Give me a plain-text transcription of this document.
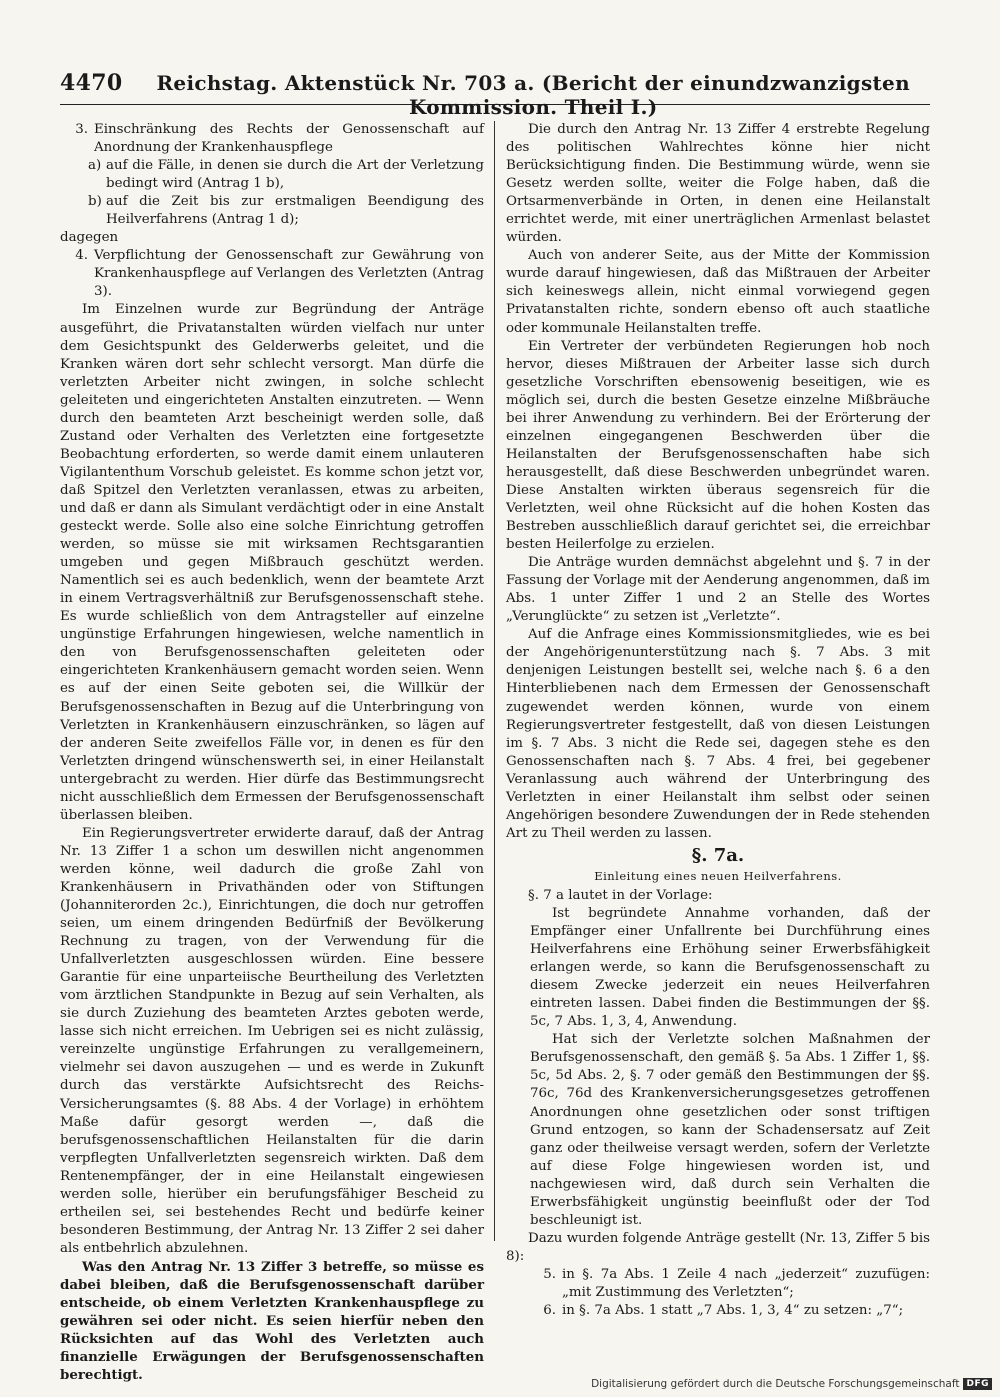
4470	Reichstag. Aktenstück Nr. 703 a. (Bericht der einundzwanzigsten Kommission. Theil I.)
3. Einschränkung des Rechts der Genossenschaft auf Anordnung der Krankenhauspflege
a) auf die Fälle, in denen sie durch die Art der Verletzung bedingt wird (Antrag 1 b),
b) auf die Zeit bis zur erstmaligen Beendigung des Heilverfahrens (Antrag 1 d);

dagegen

4. Verpflichtung der Genossenschaft zur Gewährung von Krankenhauspflege auf Verlangen des Verletzten (Antrag 3).

Im Einzelnen wurde zur Begründung der Anträge ausgeführt, die Privatanstalten würden vielfach nur unter dem Gesichtspunkt des Gelderwerbs geleitet, und die Kranken wären dort sehr schlecht versorgt. Man dürfe die verletzten Arbeiter nicht zwingen, in solche schlecht geleiteten und eingerichteten Anstalten einzutreten. — Wenn durch den beamteten Arzt bescheinigt werden solle, daß Zustand oder Verhalten des Verletzten eine fortgesetzte Beobachtung erforderten, so werde damit einem unlauteren Vigilantenthum Vorschub geleistet. Es komme schon jetzt vor, daß Spitzel den Verletzten veranlassen, etwas zu arbeiten, und daß er dann als Simulant verdächtigt oder in eine Anstalt gesteckt werde. Solle also eine solche Einrichtung getroffen werden, so müsse sie mit wirksamen Rechtsgarantien umgeben und gegen Mißbrauch geschützt werden. Namentlich sei es auch bedenklich, wenn der beamtete Arzt in einem Vertragsverhältniß zur Berufsgenossenschaft stehe. Es wurde schließlich von dem Antragsteller auf einzelne ungünstige Erfahrungen hingewiesen, welche namentlich in den von Berufsgenossenschaften geleiteten oder eingerichteten Krankenhäusern gemacht worden seien. Wenn es auf der einen Seite geboten sei, die Willkür der Berufsgenossenschaften in Bezug auf die Unterbringung von Verletzten in Krankenhäusern einzuschränken, so lägen auf der anderen Seite zweifellos Fälle vor, in denen es für den Verletzten dringend wünschenswerth sei, in einer Heilanstalt untergebracht zu werden. Hier dürfe das Bestimmungsrecht nicht ausschließlich dem Ermessen der Berufsgenossenschaft überlassen bleiben.

Ein Regierungsvertreter erwiderte darauf, daß der Antrag Nr. 13 Ziffer 1 a schon um deswillen nicht angenommen werden könne, weil dadurch die große Zahl von Krankenhäusern in Privathänden oder von Stiftungen (Johanniterorden 2c.), Einrichtungen, die doch nur getroffen seien, um einem dringenden Bedürfniß der Bevölkerung Rechnung zu tragen, von der Verwendung für die Unfallverletzten ausgeschlossen würden. Eine bessere Garantie für eine unparteiische Beurtheilung des Verletzten vom ärztlichen Standpunkte in Bezug auf sein Verhalten, als sie durch Zuziehung des beamteten Arztes geboten werde, lasse sich nicht erreichen. Im Uebrigen sei es nicht zulässig, vereinzelte ungünstige Erfahrungen zu verallgemeinern, vielmehr sei davon auszugehen — und es werde in Zukunft durch das verstärkte Aufsichtsrecht des Reichs-Versicherungsamtes (§. 88 Abs. 4 der Vorlage) in erhöhtem Maße dafür gesorgt werden —, daß die berufsgenossenschaftlichen Heilanstalten für die darin verpflegten Unfallverletzten segensreich wirkten. Daß dem Rentenempfänger, der in eine Heilanstalt eingewiesen werden solle, hierüber ein berufungsfähiger Bescheid zu ertheilen sei, sei bestehendes Recht und bedürfe keiner besonderen Bestimmung, der Antrag Nr. 13 Ziffer 2 sei daher als entbehrlich abzulehnen.

Was den Antrag Nr. 13 Ziffer 3 betreffe, so müsse es dabei bleiben, daß die Berufsgenossenschaft darüber entscheide, ob einem Verletzten Krankenhauspflege zu gewähren sei oder nicht. Es seien hierfür neben den Rücksichten auf das Wohl des Verletzten auch finanzielle Erwägungen der Berufsgenossenschaften berechtigt.

Die durch den Antrag Nr. 13 Ziffer 4 erstrebte Regelung des politischen Wahlrechtes könne hier nicht Berücksichtigung finden. Die Bestimmung würde, wenn sie Gesetz werden sollte, weiter die Folge haben, daß die Ortsarmenverbände in Orten, in denen eine Heilanstalt errichtet werde, mit einer unerträglichen Armenlast belastet würden.

Auch von anderer Seite, aus der Mitte der Kommission wurde darauf hingewiesen, daß das Mißtrauen der Arbeiter sich keineswegs allein, nicht einmal vorwiegend gegen Privatanstalten richte, sondern ebenso oft auch staatliche oder kommunale Heilanstalten treffe.

Ein Vertreter der verbündeten Regierungen hob noch hervor, dieses Mißtrauen der Arbeiter lasse sich durch gesetzliche Vorschriften ebensowenig beseitigen, wie es möglich sei, durch die besten Gesetze einzelne Mißbräuche bei ihrer Anwendung zu verhindern. Bei der Erörterung der einzelnen eingegangenen Beschwerden über die Heilanstalten der Berufsgenossenschaften habe sich herausgestellt, daß diese Beschwerden unbegründet waren. Diese Anstalten wirkten überaus segensreich für die Verletzten, weil ohne Rücksicht auf die hohen Kosten das Bestreben ausschließlich darauf gerichtet sei, die erreichbar besten Heilerfolge zu erzielen.

Die Anträge wurden demnächst abgelehnt und §. 7 in der Fassung der Vorlage mit der Aenderung angenommen, daß im Abs. 1 unter Ziffer 1 und 2 an Stelle des Wortes „Verunglückte“ zu setzen ist „Verletzte“.

Auf die Anfrage eines Kommissionsmitgliedes, wie es bei der Angehörigenunterstützung nach §. 7 Abs. 3 mit denjenigen Leistungen bestellt sei, welche nach §. 6 a den Hinterbliebenen nach dem Ermessen der Genossenschaft zugewendet werden können, wurde von einem Regierungsvertreter festgestellt, daß von diesen Leistungen im §. 7 Abs. 3 nicht die Rede sei, dagegen stehe es den Genossenschaften nach §. 7 Abs. 4 frei, bei gegebener Veranlassung auch während der Unterbringung des Verletzten in einer Heilanstalt ihm selbst oder seinen Angehörigen besondere Zuwendungen der in Rede stehenden Art zu Theil werden zu lassen.

§. 7a.
Einleitung eines neuen Heilverfahrens.

§. 7 a lautet in der Vorlage:

Ist begründete Annahme vorhanden, daß der Empfänger einer Unfallrente bei Durchführung eines Heilverfahrens eine Erhöhung seiner Erwerbsfähigkeit erlangen werde, so kann die Berufsgenossenschaft zu diesem Zwecke jederzeit ein neues Heilverfahren eintreten lassen. Dabei finden die Bestimmungen der §§. 5c, 7 Abs. 1, 3, 4, Anwendung.

Hat sich der Verletzte solchen Maßnahmen der Berufsgenossenschaft, den gemäß §. 5a Abs. 1 Ziffer 1, §§. 5c, 5d Abs. 2, §. 7 oder gemäß den Bestimmungen der §§. 76c, 76d des Krankenversicherungsgesetzes getroffenen Anordnungen ohne gesetzlichen oder sonst triftigen Grund entzogen, so kann der Schadensersatz auf Zeit ganz oder theilweise versagt werden, sofern der Verletzte auf diese Folge hingewiesen worden ist, und nachgewiesen wird, daß durch sein Verhalten die Erwerbsfähigkeit ungünstig beeinflußt oder der Tod beschleunigt ist.

Dazu wurden folgende Anträge gestellt (Nr. 13, Ziffer 5 bis 8):

5. in §. 7a Abs. 1 Zeile 4 nach „jederzeit“ zuzufügen: „mit Zustimmung des Verletzten“;
6. in §. 7a Abs. 1 statt „7 Abs. 1, 3, 4“ zu setzen: „7“;
Digitalisierung gefördert durch die Deutsche Forschungsgemeinschaft DFG
